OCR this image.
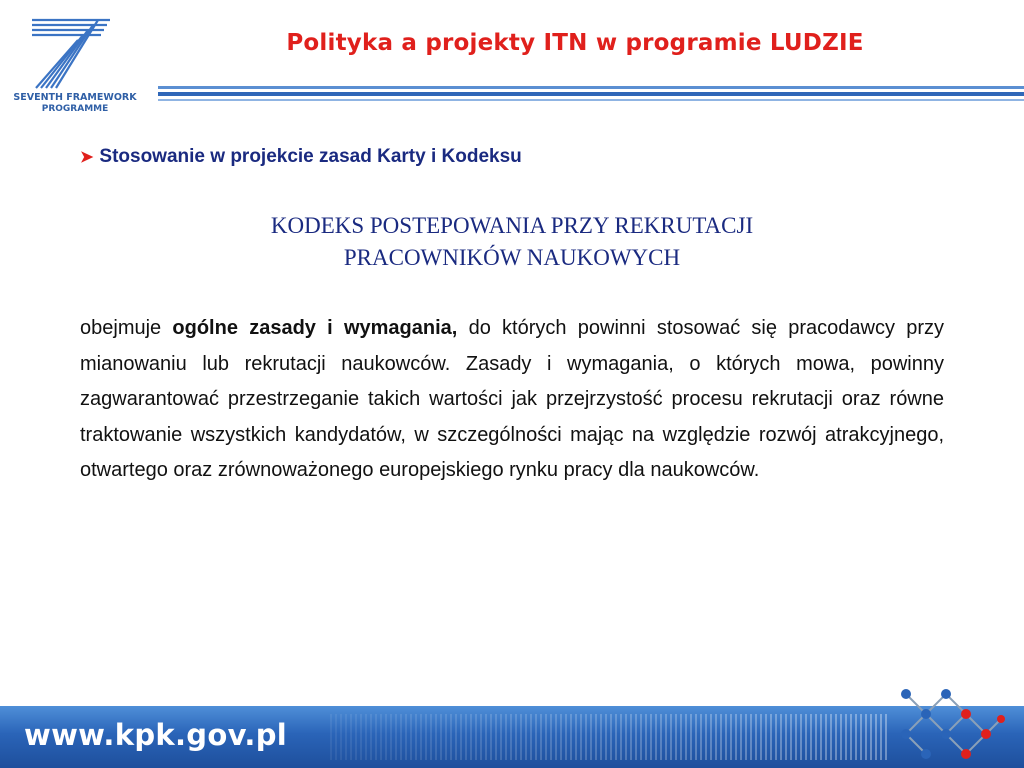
SEVENTH FRAMEWORK
PROGRAMME
Polityka a projekty ITN w programie LUDZIE
➤ Stosowanie w projekcie zasad Karty i Kodeksu
KODEKS POSTEPOWANIA PRZY REKRUTACJI
PRACOWNIKÓW NAUKOWYCH

obejmuje ogólne zasady i wymagania, do których powinni stosować się pracodawcy przy mianowaniu lub rekrutacji naukowców. Zasady i wymagania, o których mowa, powinny zagwarantować przestrzeganie takich wartości jak przejrzystość procesu rekrutacji oraz równe traktowanie wszystkich kandydatów, w szczególności mając na względzie rozwój atrakcyjnego, otwartego oraz zrównoważonego europejskiego rynku pracy dla naukowców.

www.kpk.gov.pl
